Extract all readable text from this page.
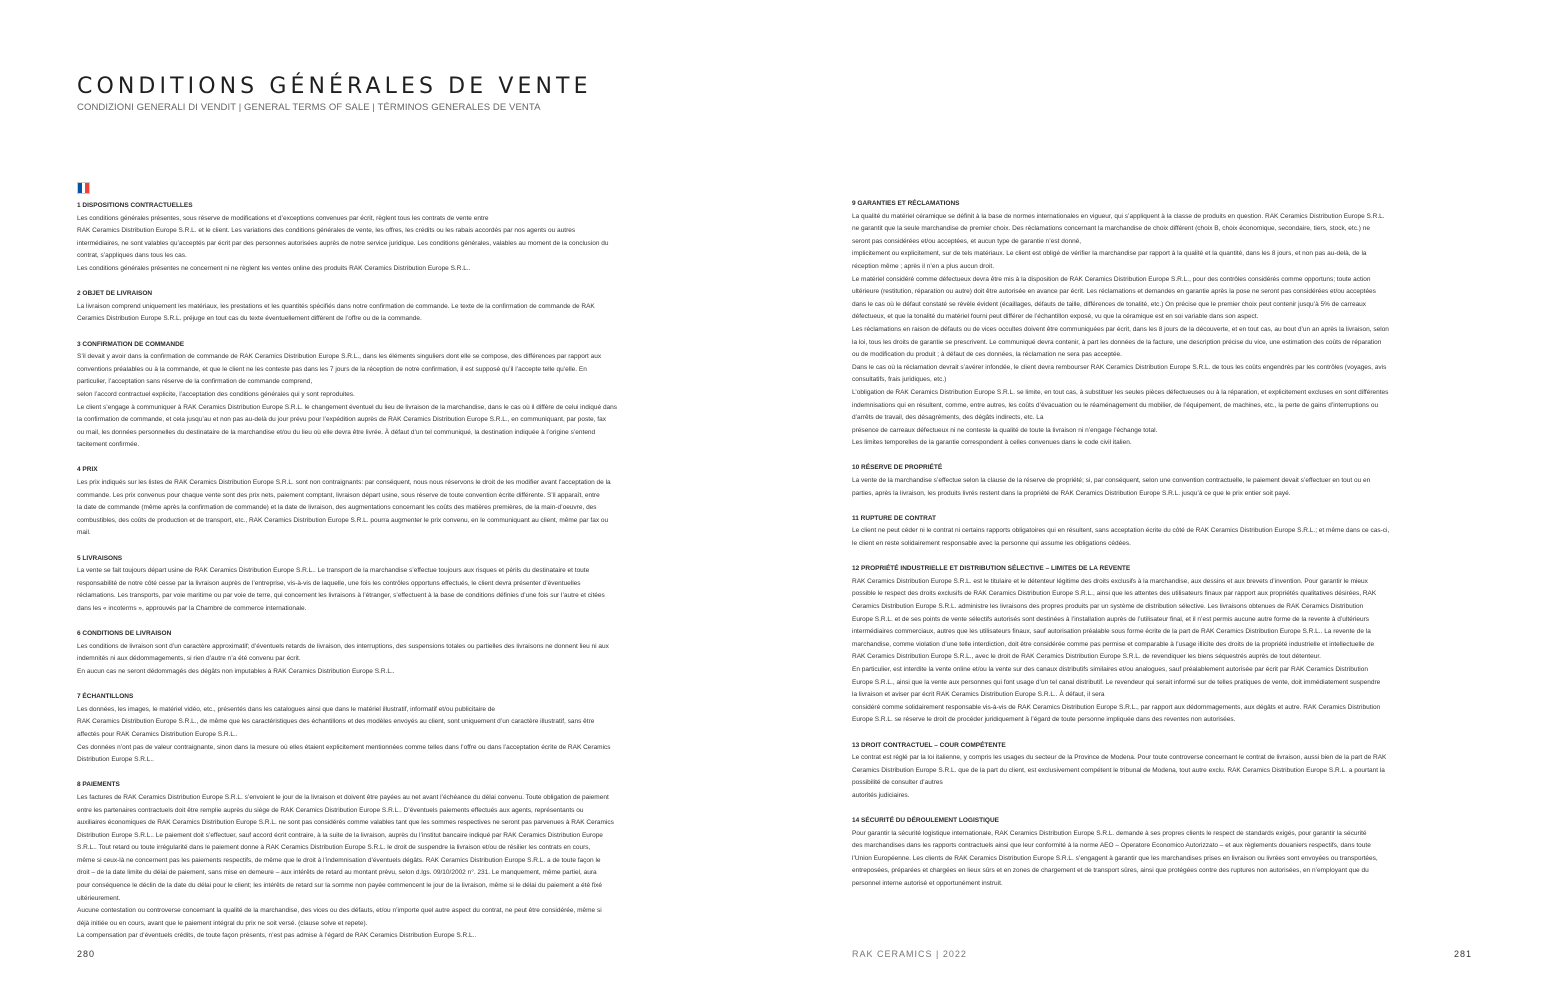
CONDITIONS GÉNÉRALES DE VENTE
CONDIZIONI GENERALI DI VENDIT | GENERAL TERMS OF SALE | TÉRMINOS GENERALES DE VENTA
1 DISPOSITIONS CONTRACTUELLES

Les conditions générales présentes, sous réserve de modifications et d’exceptions convenues par écrit, règlent tous les contrats de vente entre
RAK Ceramics Distribution Europe S.R.L. et le client. Les variations des conditions générales de vente, les offres, les crédits ou les rabais accordés par nos agents ou autres
intermédiaires, ne sont valables qu’acceptés par écrit par des personnes autorisées auprès de notre service juridique. Les conditions générales, valables au moment de la conclusion du
contrat, s’appliques dans tous les cas.
Les conditions générales présentes ne concernent ni ne règlent les ventes online des produits RAK Ceramics Distribution Europe S.R.L..

2 OBJET DE LIVRAISON

La livraison comprend uniquement les matériaux, les prestations et les quantités spécifiés dans notre confirmation de commande. Le texte de la confirmation de commande de RAK
Ceramics Distribution Europe S.R.L. préjuge en tout cas du texte éventuellement différent de l’offre ou de la commande.

3 CONFIRMATION DE COMMANDE

S’il devait y avoir dans la confirmation de commande de RAK Ceramics Distribution Europe S.R.L., dans les éléments singuliers dont elle se compose, des différences par rapport aux
conventions préalables ou à la commande, et que le client ne les conteste pas dans les 7 jours de la réception de notre confirmation, il est supposé qu’il l’accepte telle qu’elle. En
particulier, l’acceptation sans réserve de la confirmation de commande comprend,
selon l’accord contractuel explicite, l’acceptation des conditions générales qui y sont reproduites.
Le client s’engage à communiquer à RAK Ceramics Distribution Europe S.R.L. le changement éventuel du lieu de livraison de la marchandise, dans le cas où il diffère de celui indiqué dans
la confirmation de commande, et cela jusqu’au et non pas au-delà du jour prévu pour l’expédition auprès de RAK Ceramics Distribution Europe S.R.L., en communiquant, par poste, fax
ou mail, les données personnelles du destinataire de la marchandise et/ou du lieu où elle devra être livrée. À défaut d’un tel communiqué, la destination indiquée à l’origine s’entend
tacitement confirmée.

4 PRIX

Les prix indiqués sur les listes de RAK Ceramics Distribution Europe S.R.L. sont non contraignants: par conséquent, nous nous réservons le droit de les modifier avant l’acceptation de la
commande. Les prix convenus pour chaque vente sont des prix nets, paiement comptant, livraison départ usine, sous réserve de toute convention écrite différente. S’il apparaît, entre
la date de commande (même après la confirmation de commande) et la date de livraison, des augmentations concernant les coûts des matières premières, de la main-d’oeuvre, des
combustibles, des coûts de production et de transport, etc., RAK Ceramics Distribution Europe S.R.L. pourra augmenter le prix convenu, en le communiquant au client, même par fax ou
mail.

5 LIVRAISONS

La vente se fait toujours départ usine de RAK Ceramics Distribution Europe S.R.L.. Le transport de la marchandise s’effectue toujours aux risques et périls du destinataire et toute
responsabilité de notre côté cesse par la livraison auprès de l’entreprise, vis-à-vis de laquelle, une fois les contrôles opportuns effectués, le client devra présenter d’éventuelles
réclamations. Les transports, par voie maritime ou par voie de terre, qui concernent les livraisons à l’étranger, s’effectuent à la base de conditions définies d’une fois sur l’autre et citées
dans les « incoterms », approuvés par la Chambre de commerce internationale.

6 CONDITIONS DE LIVRAISON

Les conditions de livraison sont d’un caractère approximatif; d’éventuels retards de livraison, des interruptions, des suspensions totales ou partielles des livraisons ne donnent lieu ni aux
indemnités ni aux dédommagements, si rien d’autre n’a été convenu par écrit.
En aucun cas ne seront dédommagés des dégâts non imputables à RAK Ceramics Distribution Europe S.R.L..

7 ÉCHANTILLONS

Les données, les images, le matériel vidéo, etc., présentés dans les catalogues ainsi que dans le matériel illustratif, informatif et/ou publicitaire de
RAK Ceramics Distribution Europe S.R.L., de même que les caractéristiques des échantillons et des modèles envoyés au client, sont uniquement d’un caractère illustratif, sans être
affectés pour RAK Ceramics Distribution Europe S.R.L..
Ces données n’ont pas de valeur contraignante, sinon dans la mesure où elles étaient explicitement mentionnées comme telles dans l’offre ou dans l’acceptation écrite de RAK Ceramics
Distribution Europe S.R.L..

8 PAIEMENTS

Les factures de RAK Ceramics Distribution Europe S.R.L. s’envoient le jour de la livraison et doivent être payées au net avant l’échéance du délai convenu. Toute obligation de paiement
entre les partenaires contractuels doit être remplie auprès du siège de RAK Ceramics Distribution Europe S.R.L.. D’éventuels paiements effectués aux agents, représentants ou
auxiliaires économiques de RAK Ceramics Distribution Europe S.R.L. ne sont pas considérés comme valables tant que les sommes respectives ne seront pas parvenues à RAK Ceramics
Distribution Europe S.R.L.. Le paiement doit s’effectuer, sauf accord écrit contraire, à la suite de la livraison, auprès du l’institut bancaire indiqué par RAK Ceramics Distribution Europe
S.R.L.. Tout retard ou toute irrégularité dans le paiement donne à RAK Ceramics Distribution Europe S.R.L. le droit de suspendre la livraison et/ou de résilier les contrats en cours,
même si ceux-là ne concernent pas les paiements respectifs, de même que le droit à l’indemnisation d’éventuels dégâts. RAK Ceramics Distribution Europe S.R.L. a de toute façon le
droit – de la date limite du délai de paiement, sans mise en demeure – aux intérêts de retard au montant prévu, selon d.lgs. 09/10/2002 n°. 231. Le manquement, même partiel, aura
pour conséquence le déclin de la date du délai pour le client; les intérêts de retard sur la somme non payée commencent le jour de la livraison, même si le délai du paiement a été fixé
ultérieurement.
Aucune contestation ou controverse concernant la qualité de la marchandise, des vices ou des défauts, et/ou n’importe quel autre aspect du contrat, ne peut être considérée, même si
déjà initiée ou en cours, avant que le paiement intégral du prix ne soit versé. (clause solve et repete).
La compensation par d’éventuels crédits, de toute façon présents, n’est pas admise à l’égard de RAK Ceramics Distribution Europe S.R.L..

9 GARANTIES ET RÉCLAMATIONS

La qualité du matériel céramique se définit à la base de normes internationales en vigueur, qui s’appliquent à la classe de produits en question. RAK Ceramics Distribution Europe S.R.L.
ne garantit que la seule marchandise de premier choix. Des réclamations concernant la marchandise de choix différent (choix B, choix économique, secondaire, tiers, stock, etc.) ne
seront pas considérées et/ou acceptées, et aucun type de garantie n’est donné,
implicitement ou explicitement, sur de tels matériaux. Le client est obligé de vérifier la marchandise par rapport à la qualité et la quantité, dans les 8 jours, et non pas au-delà, de la
réception même ; après il n’en a plus aucun droit.
Le matériel considéré comme défectueux devra être mis à la disposition de RAK Ceramics Distribution Europe S.R.L., pour des contrôles considérés comme opportuns; toute action
ultérieure (restitution, réparation ou autre) doit être autorisée en avance par écrit. Les réclamations et demandes en garantie après la pose ne seront pas considérées et/ou acceptées
dans le cas où le défaut constaté se révèle évident (écaillages, défauts de taille, différences de tonalité, etc.) On précise que le premier choix peut contenir jusqu’à 5% de carreaux
défectueux, et que la tonalité du matériel fourni peut différer de l’échantillon exposé, vu que la céramique est en soi variable dans son aspect.
Les réclamations en raison de défauts ou de vices occultes doivent être communiquées par écrit, dans les 8 jours de la découverte, et en tout cas, au bout d’un an après la livraison, selon
la loi, tous les droits de garantie se prescrivent. Le communiqué devra contenir, à part les données de la facture, une description précise du vice, une estimation des coûts de réparation
ou de modification du produit ; à défaut de ces données, la réclamation ne sera pas acceptée.
Dans le cas où la réclamation devrait s’avérer infondée, le client devra rembourser RAK Ceramics Distribution Europe S.R.L. de tous les coûts engendrés par les contrôles (voyages, avis
consultatifs, frais juridiques, etc.)
L’obligation de RAK Ceramics Distribution Europe S.R.L. se limite, en tout cas, à substituer les seules pièces défectueuses ou à la réparation, et explicitement excluses en sont différentes
indemnisations qui en résultent, comme, entre autres, les coûts d’évacuation ou le réaménagement du mobilier, de l’équipement, de machines, etc., la perte de gains d’interruptions ou
d’arrêts de travail, des désagréments, des dégâts indirects, etc. La
présence de carreaux défectueux ni ne conteste la qualité de toute la livraison ni n’engage l’échange total.
Les limites temporelles de la garantie correspondent à celles convenues dans le code civil italien.

10 RÉSERVE DE PROPRIÉTÉ

La vente de la marchandise s’effectue selon la clause de la réserve de propriété; si, par conséquent, selon une convention contractuelle, le paiement devait s’effectuer en tout ou en
parties, après la livraison, les produits livrés restent dans la propriété de RAK Ceramics Distribution Europe S.R.L. jusqu’à ce que le prix entier soit payé.

11 RUPTURE DE CONTRAT

Le client ne peut céder ni le contrat ni certains rapports obligatoires qui en résultent, sans acceptation écrite du côté de RAK Ceramics Distribution Europe S.R.L.; et même dans ce cas-ci,
le client en reste solidairement responsable avec la personne qui assume les obligations cédées.

12 PROPRIÉTÉ INDUSTRIELLE ET DISTRIBUTION SÉLECTIVE – LIMITES DE LA REVENTE

RAK Ceramics Distribution Europe S.R.L. est le titulaire et le détenteur légitime des droits exclusifs à la marchandise, aux dessins et aux brevets d’invention. Pour garantir le mieux
possible le respect des droits exclusifs de RAK Ceramics Distribution Europe S.R.L., ainsi que les attentes des utilisateurs finaux par rapport aux propriétés qualitatives désirées, RAK
Ceramics Distribution Europe S.R.L. administre les livraisons des propres produits par un système de distribution sélective. Les livraisons obtenues de RAK Ceramics Distribution
Europe S.R.L. et de ses points de vente sélectifs autorisés sont destinées à l’installation auprès de l’utilisateur final, et il n’est permis aucune autre forme de la revente à d’ultérieurs
intermédiaires commerciaux, autres que les utilisateurs finaux, sauf autorisation préalable sous forme écrite de la part de RAK Ceramics Distribution Europe S.R.L.. La revente de la
marchandise, comme violation d’une telle interdiction, doit être considérée comme pas permise et comparable à l’usage illicite des droits de la propriété industrielle et intellectuelle de
RAK Ceramics Distribution Europe S.R.L., avec le droit de RAK Ceramics Distribution Europe S.R.L. de revendiquer les biens séquestrés auprès de tout détenteur.
En particulier, est interdite la vente online et/ou la vente sur des canaux distributifs similaires et/ou analogues, sauf préalablement autorisée par écrit par RAK Ceramics Distribution
Europe S.R.L., ainsi que la vente aux personnes qui font usage d’un tel canal distributif. Le revendeur qui serait informé sur de telles pratiques de vente, doit immédiatement suspendre
la livraison et aviser par écrit RAK Ceramics Distribution Europe S.R.L.. À défaut, il sera
considéré comme solidairement responsable vis-à-vis de RAK Ceramics Distribution Europe S.R.L., par rapport aux dédommagements, aux dégâts et autre. RAK Ceramics Distribution
Europe S.R.L. se réserve le droit de procéder juridiquement à l’égard de toute personne impliquée dans des reventes non autorisées.

13 DROIT CONTRACTUEL – COUR COMPÉTENTE

Le contrat est réglé par la loi italienne, y compris les usages du secteur de la Province de Modena. Pour toute controverse concernant le contrat de livraison, aussi bien de la part de RAK
Ceramics Distribution Europe S.R.L. que de la part du client, est exclusivement compétent le tribunal de Modena, tout autre exclu. RAK Ceramics Distribution Europe S.R.L. a pourtant la
possibilité de consulter d’autres
autorités judiciaires.

14 SÉCURITÉ DU DÉROULEMENT LOGISTIQUE

Pour garantir la sécurité logistique internationale, RAK Ceramics Distribution Europe S.R.L. demande à ses propres clients le respect de standards exigés, pour garantir la sécurité
des marchandises dans les rapports contractuels ainsi que leur conformité à la norme AEO – Operatore Economico Autorizzato – et aux règlements douaniers respectifs, dans toute
l’Union Européenne. Les clients de RAK Ceramics Distribution Europe S.R.L. s’engagent à garantir que les marchandises prises en livraison ou livrées sont envoyées ou transportées,
entreposées, préparées et chargées en lieux sûrs et en zones de chargement et de transport sûres, ainsi que protégées contre des ruptures non autorisées, en n’employant que du
personnel interne autorisé et opportunément instruit.

280	RAK CERAMICS | 2022	281
